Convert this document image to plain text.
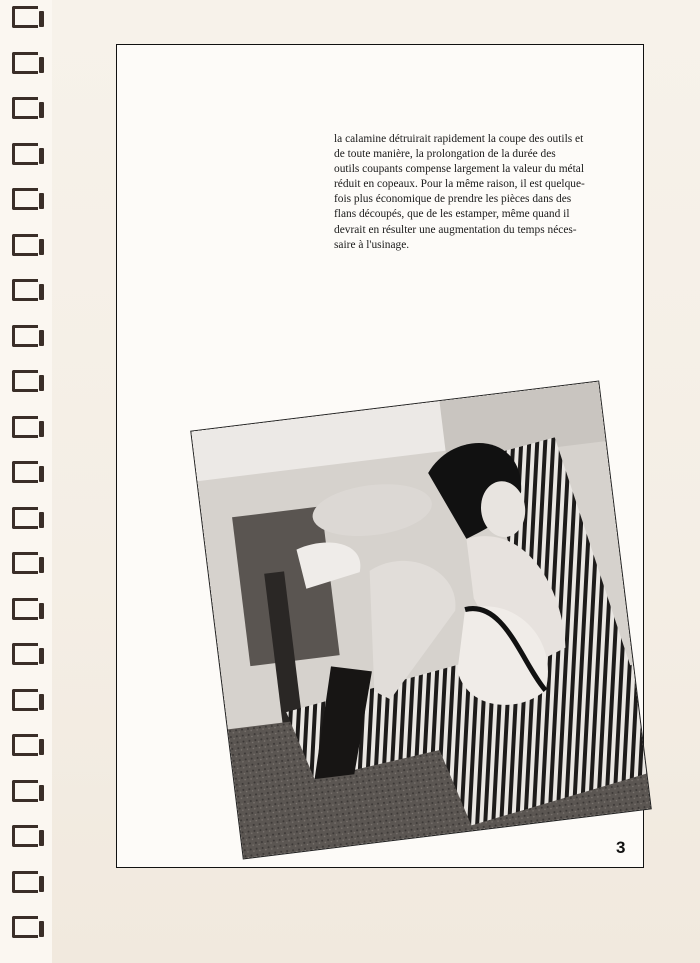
la calamine détruirait rapidement la coupe des outils et

de toute manière, la prolongation de la durée des

outils coupants compense largement la valeur du métal

réduit en copeaux. Pour la même raison, il est quelque-

fois plus économique de prendre les pièces dans des

flans découpés, que de les estamper, même quand il

devrait en résulter une augmentation du temps néces-

saire à l'usinage.

3
